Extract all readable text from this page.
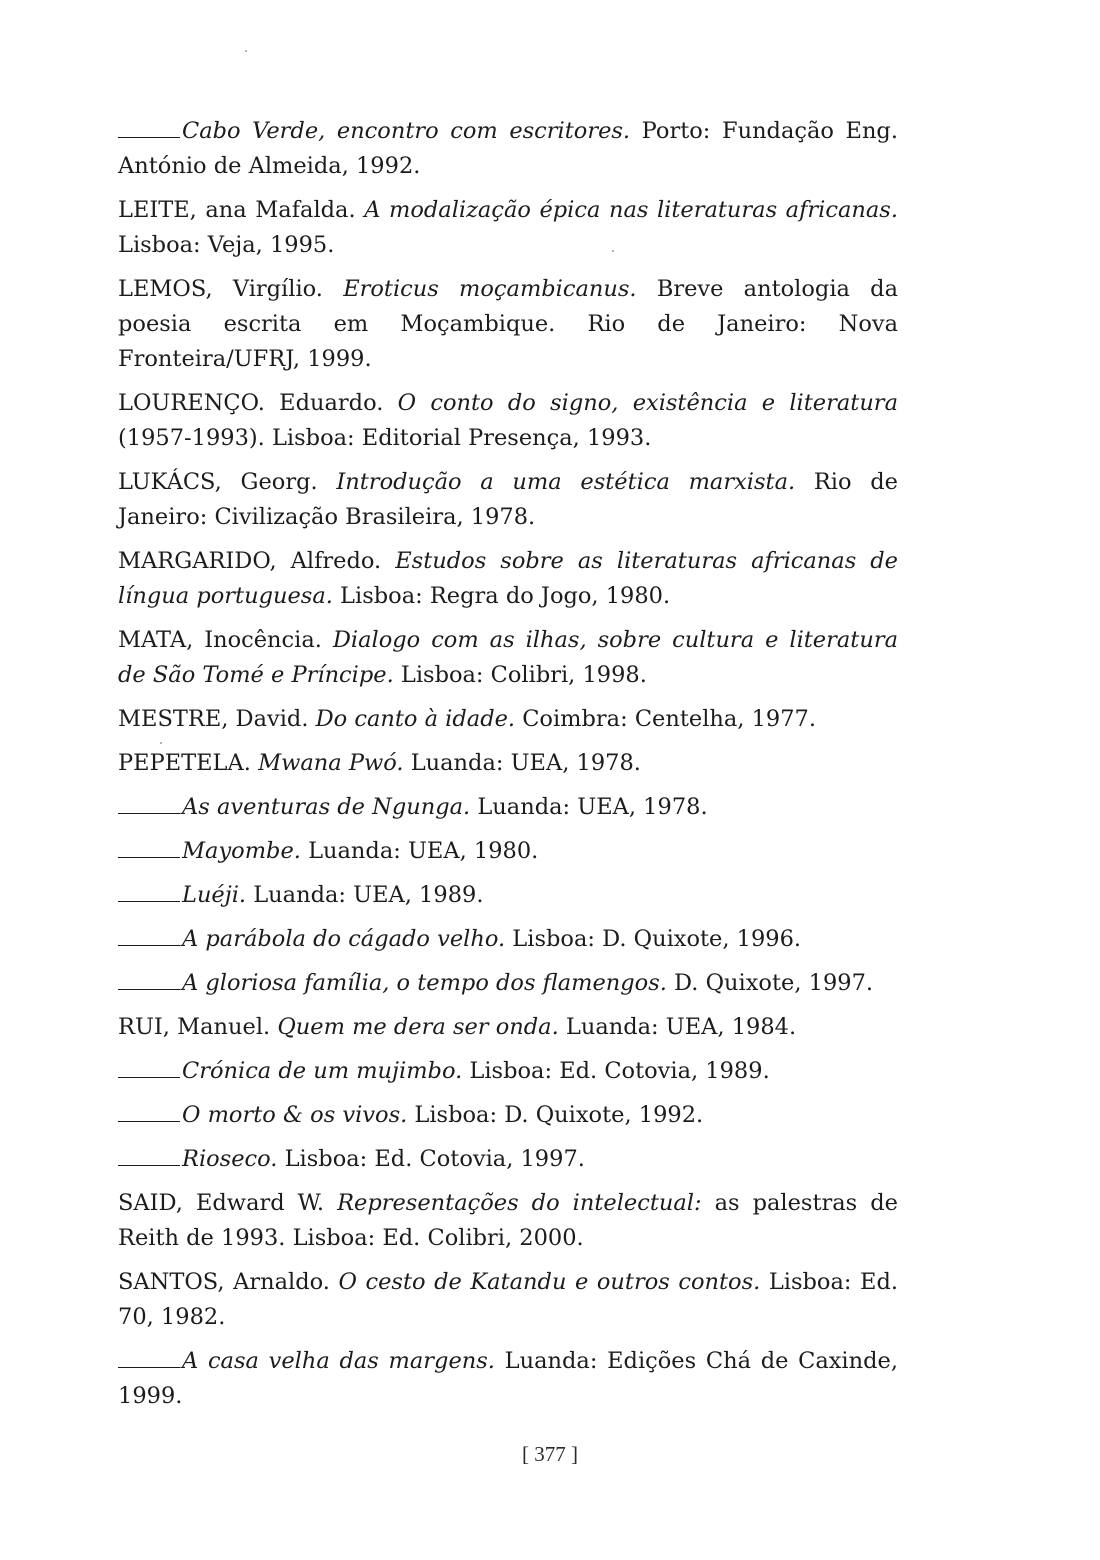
Cabo Verde, encontro com escritores. Porto: Fundação Eng. António de Almeida, 1992.

LEITE, ana Mafalda. A modalização épica nas literaturas africanas. Lisboa: Veja, 1995.

LEMOS, Virgílio. Eroticus moçambicanus. Breve antologia da poesia escrita em Moçambique. Rio de Janeiro: Nova Fronteira/UFRJ, 1999.

LOURENÇO. Eduardo. O conto do signo, existência e literatura (1957-1993). Lisboa: Editorial Presença, 1993.

LUKÁCS, Georg. Introdução a uma estética marxista. Rio de Janeiro: Civilização Brasileira, 1978.

MARGARIDO, Alfredo. Estudos sobre as literaturas africanas de língua portuguesa. Lisboa: Regra do Jogo, 1980.

MATA, Inocência. Dialogo com as ilhas, sobre cultura e literatura de São Tomé e Príncipe. Lisboa: Colibri, 1998.

MESTRE, David. Do canto à idade. Coimbra: Centelha, 1977.

PEPETELA. Mwana Pwó. Luanda: UEA, 1978.

As aventuras de Ngunga. Luanda: UEA, 1978.

Mayombe. Luanda: UEA, 1980.

Luéji. Luanda: UEA, 1989.

A parábola do cágado velho. Lisboa: D. Quixote, 1996.

A gloriosa família, o tempo dos flamengos. D. Quixote, 1997.

RUI, Manuel. Quem me dera ser onda. Luanda: UEA, 1984.

Crónica de um mujimbo. Lisboa: Ed. Cotovia, 1989.

O morto & os vivos. Lisboa: D. Quixote, 1992.

Rioseco. Lisboa: Ed. Cotovia, 1997.

SAID, Edward W. Representações do intelectual: as palestras de Reith de 1993. Lisboa: Ed. Colibri, 2000.

SANTOS, Arnaldo. O cesto de Katandu e outros contos. Lisboa: Ed. 70, 1982.

A casa velha das margens. Luanda: Edições Chá de Caxinde, 1999.

[ 377 ]
